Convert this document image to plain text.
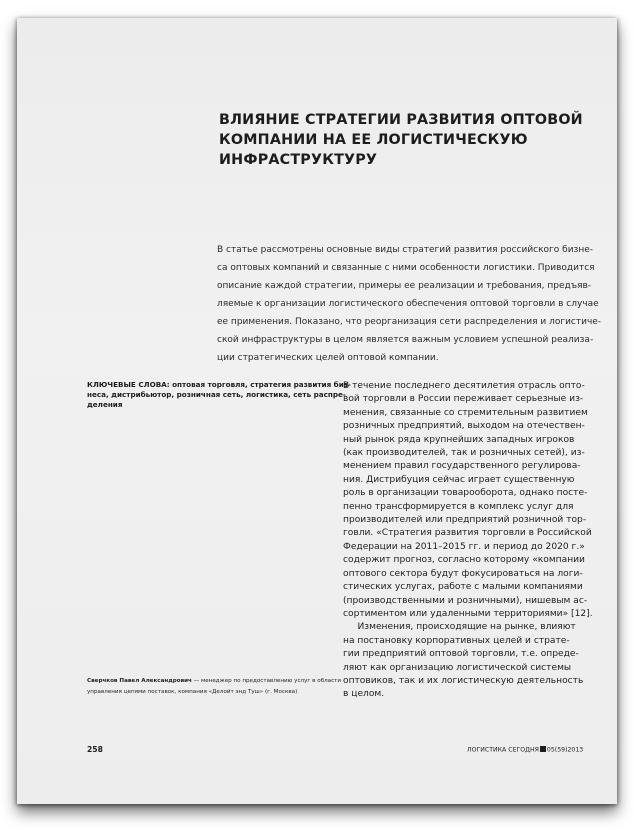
ВЛИЯНИЕ СТРАТЕГИИ РАЗВИТИЯ ОПТОВОЙ
КОМПАНИИ НА ЕЕ ЛОГИСТИЧЕСКУЮ
ИНФРАСТРУКТУРУ
В статье рассмотрены основные виды стратегий развития российского бизне-
са оптовых компаний и связанные с ними особенности логистики. Приводится
описание каждой стратегии, примеры ее реализации и требования, предъяв-
ляемые к организации логистического обеспечения оптовой торговли в случае
ее применения. Показано, что реорганизация сети распределения и логистиче-
ской инфраструктуры в целом является важным условием успешной реализа-
ции стратегических целей оптовой компании.
КЛЮЧЕВЫЕ СЛОВА: оптовая торговля, стратегия развития биз-
неса, дистрибьютор, розничная сеть, логистика, сеть распре-
деления
В течение последнего десятилетия отрасль опто-
вой торговли в России переживает серьезные из-
менения, связанные со стремительным развитием
розничных предприятий, выходом на отечествен-
ный рынок ряда крупнейших западных игроков
(как производителей, так и розничных сетей), из-
менением правил государственного регулирова-
ния. Дистрибуция сейчас играет существенную
роль в организации товарооборота, однако посте-
пенно трансформируется в комплекс услуг для
производителей или предприятий розничной тор-
говли. «Стратегия развития торговли в Российской
Федерации на 2011–2015 гг. и период до 2020 г.»
содержит прогноз, согласно которому «компании
оптового сектора будут фокусироваться на логи-
стических услугах, работе с малыми компаниями
(производственными и розничными), нишевым ас-
сортиментом или удаленными территориями» [12].
Изменения, происходящие на рынке, влияют
на постановку корпоративных целей и страте-
гии предприятий оптовой торговли, т.е. опреде-
ляют как организацию логистической системы
оптовиков, так и их логистическую деятельность
в целом.
Сверчков Павел Александрович — менеджер по предоставлению услуг в области
управления цепями поставок, компания «Делойт энд Туш» (г. Москва)
258	ЛОГИСТИКА СЕГОДНЯ 05(59)2013
